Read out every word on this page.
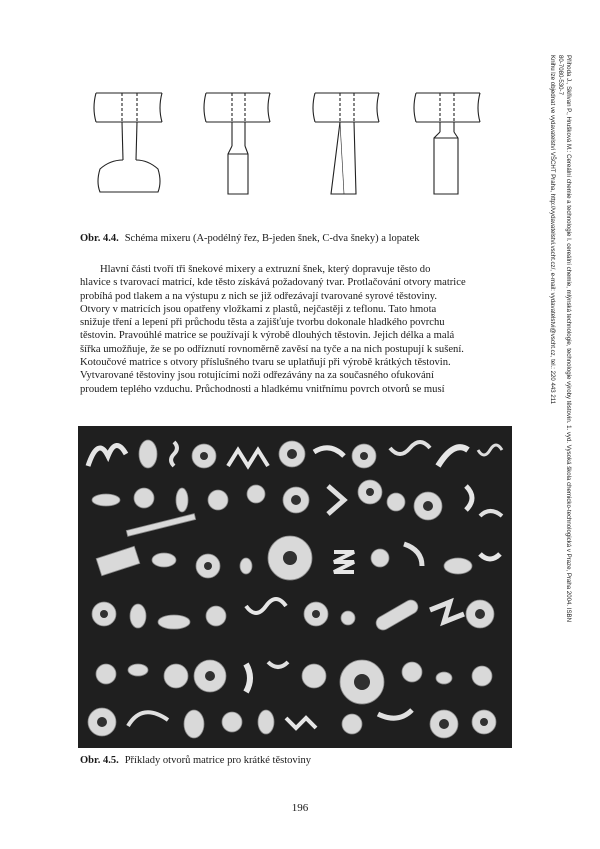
Obr. 4.4. Schéma mixeru (A-podélný řez, B-jeden šnek, C-dva šneky) a lopatek
Hlavní části tvoří tři šnekové mixery a extruzní šnek, který dopravuje těsto do
hlavice s tvarovací matricí, kde těsto získává požadovaný tvar. Protlačování otvory matrice
probíhá pod tlakem a na výstupu z nich se již odřezávají tvarované syrové těstoviny.
Otvory v matricích jsou opatřeny vložkami z plastů, nejčastěji z teflonu. Tato hmota
snižuje tření a lepení při průchodu těsta a zajišťuje tvorbu dokonale hladkého povrchu
těstovin. Pravoúhlé matrice se používají k výrobě dlouhých těstovin. Jejich délka a malá
šířka umožňuje, že se po odříznutí rovnoměrně zavěsí na tyče a na nich postupují k sušení.
Kotoučové matrice s otvory příslušného tvaru se uplatňují při výrobě krátkých těstovin.
Vytvarované těstoviny jsou rotujícími noži odřezávány na za současného ofukování
proudem teplého vzduchu. Průchodnosti a hladkému vnitřnímu povrch otvorů se musí
Obr. 4.5. Příklady otvorů matrice pro krátké těstoviny
Příhoda J., Skřivan P., Hrušková M.: Cereální chemie a technologie I. cereální chemie, mlýnská technologie, technologie výroby těstovin. 1. vyd. Vysoká škola chemicko-technologická v Praze, Praha 2004. ISBN
80-7080-530-7
Knihu lze objednat ve vydavatelství VŠCHT Praha, http://vydavatelstvi.vscht.cz/, e-mail: vydavatelstvi@vscht.cz, tel.: 220 443 211
196
